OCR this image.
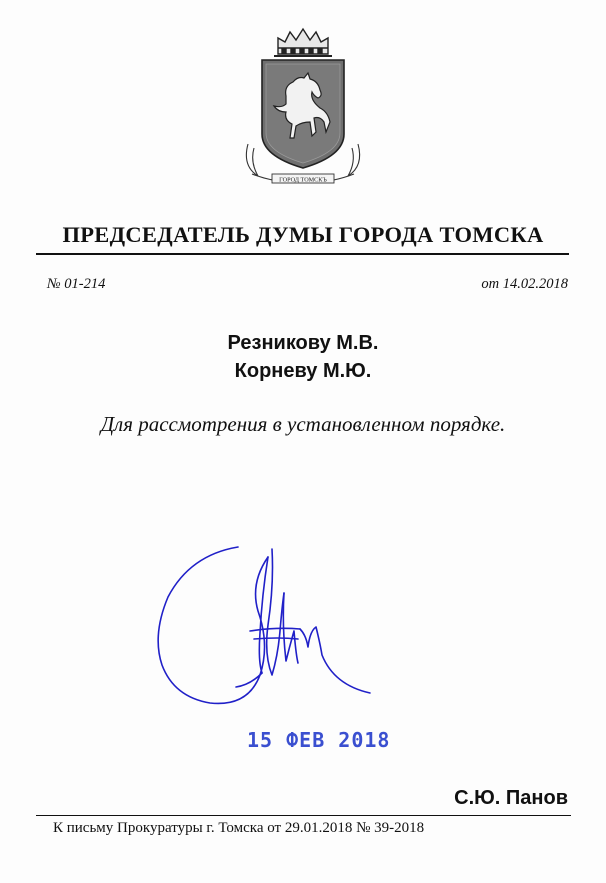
ГОРОД ТОМСКЪ
ПРЕДСЕДАТЕЛЬ ДУМЫ ГОРОДА ТОМСКА
№ 01-214	от 14.02.2018
Резникову М.В.
Корневу М.Ю.
Для рассмотрения в установленном порядке.
15 ФЕВ 2018
С.Ю. Панов
К письму Прокуратуры г. Томска от 29.01.2018 № 39-2018
